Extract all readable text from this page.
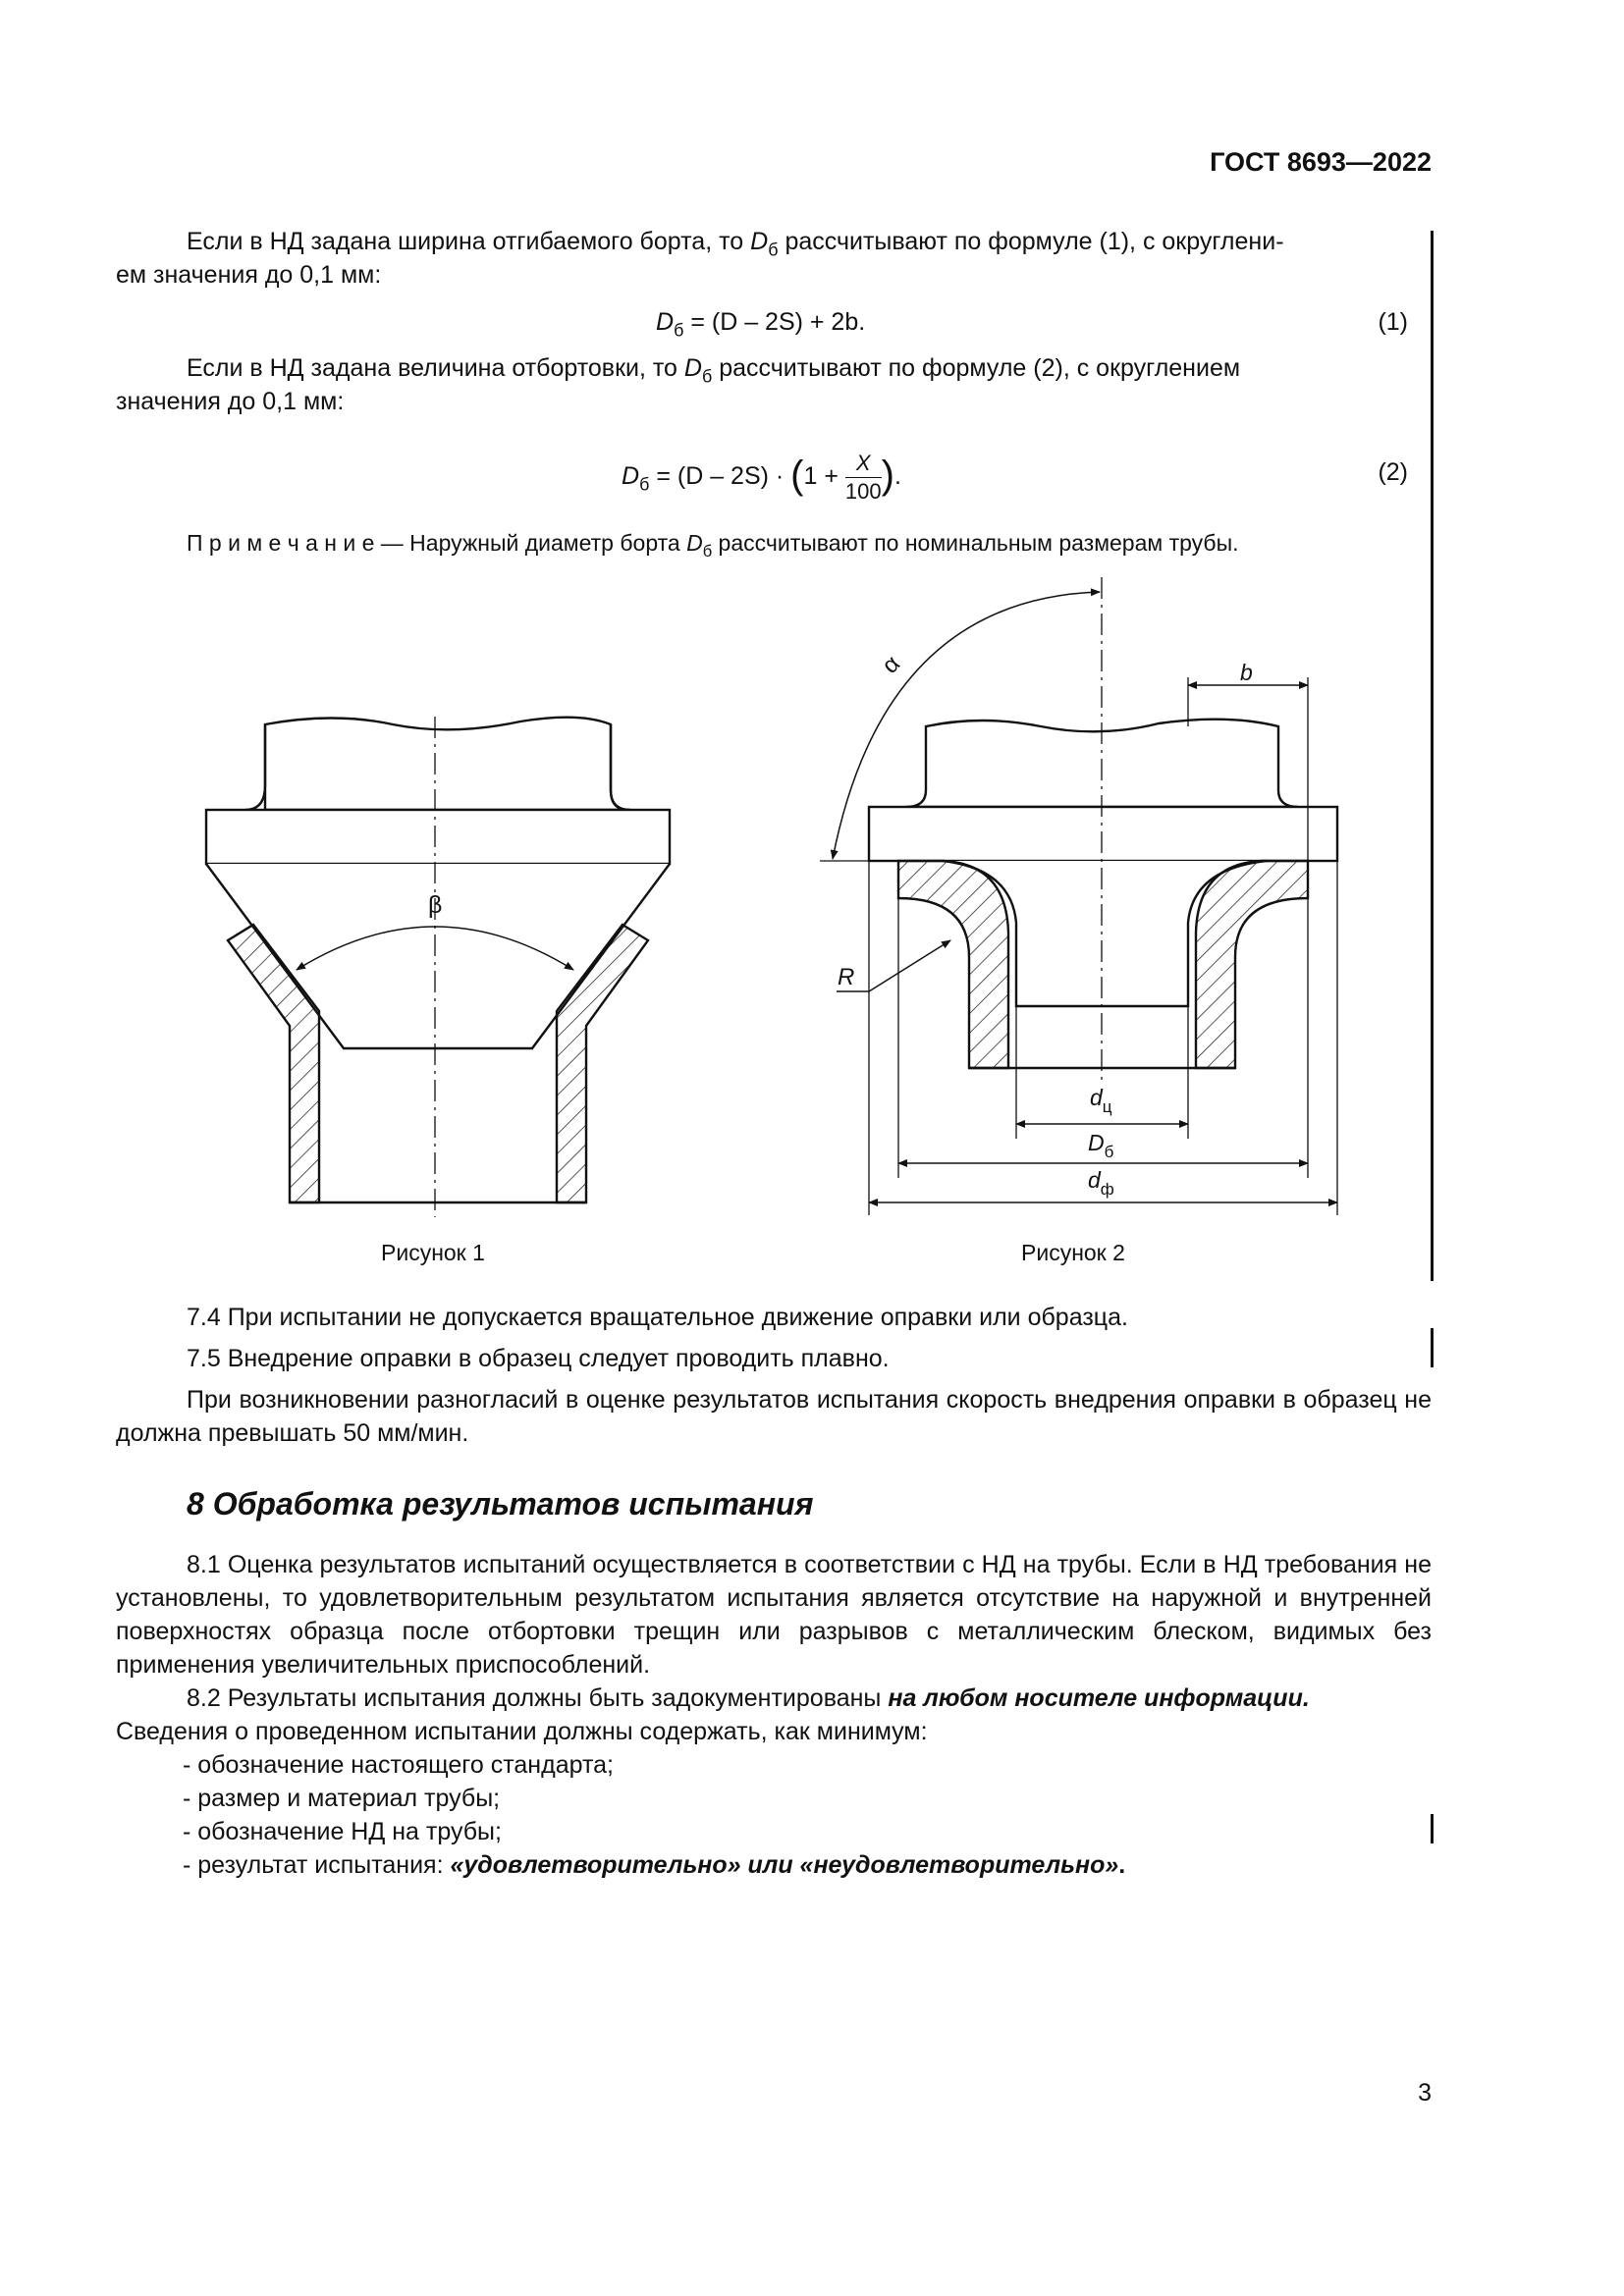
ГОСТ 8693—2022
Если в НД задана ширина отгибаемого борта, то $D_б$ рассчитывают по формуле (1), с округлени-
ем значения до 0,1 мм:
$D_б = (D - 2S) + 2b$.	(1)
Если в НД задана величина отбортовки, то $D_б$ рассчитывают по формуле (2), с округлением
значения до 0,1 мм:
$D_б = (D - 2S) \cdot (1 + \frac{X}{100}$ ).	(2)
П р и м е ч а н и е — Наружный диаметр борта $D_б$ рассчитывают по номинальным размерам трубы.
β
α	b
R
$d_ц$
$D_б$
$d_ф$
Рисунок 1	Рисунок 2
7.4 При испытании не допускается вращательное движение оправки или образца.
7.5 Внедрение оправки в образец следует проводить плавно.
При возникновении разногласий в оценке результатов испытания скорость внедрения оправки в образец не должна превышать 50 мм/мин.
8 Обработка результатов испытания
8.1 Оценка результатов испытаний осуществляется в соответствии с НД на трубы. Если в НД требования не установлены, то удовлетворительным результатом испытания является отсутствие на наружной и внутренней поверхностях образца после отбортовки трещин или разрывов с металлическим блеском, видимых без применения увеличительных приспособлений.
8.2 Результаты испытания должны быть задокументированы на любом носителе информации.
Сведения о проведенном испытании должны содержать, как минимум:
- обозначение настоящего стандарта;
- размер и материал трубы;
- обозначение НД на трубы;
- результат испытания: «удовлетворительно» или «неудовлетворительно».
3
